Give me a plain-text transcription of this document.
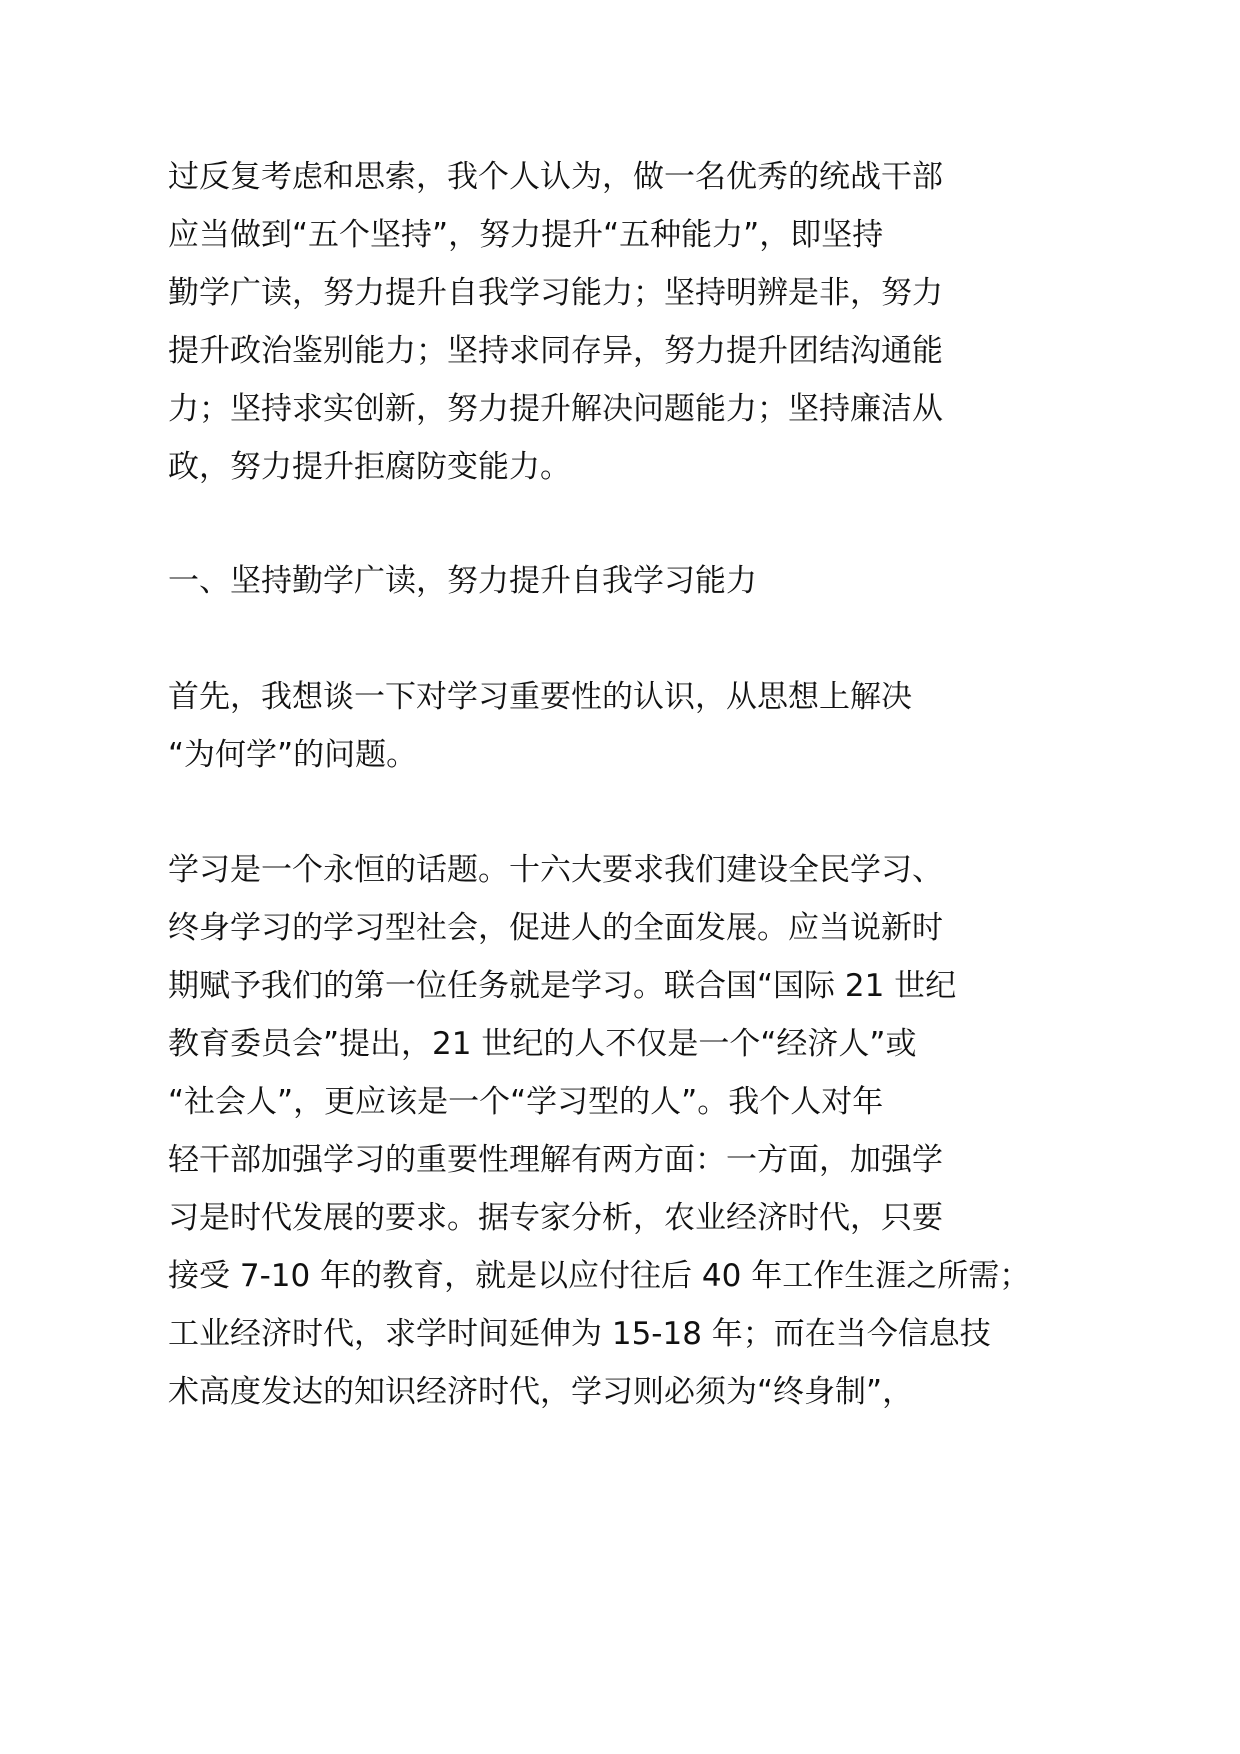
过反复考虑和思索，我个人认为，做一名优秀的统战干部
应当做到“五个坚持”，努力提升“五种能力”，即坚持
勤学广读，努力提升自我学习能力；坚持明辨是非，努力
提升政治鉴别能力；坚持求同存异，努力提升团结沟通能
力；坚持求实创新，努力提升解决问题能力；坚持廉洁从
政，努力提升拒腐防变能力。
一、坚持勤学广读，努力提升自我学习能力
首先，我想谈一下对学习重要性的认识，从思想上解决
“为何学”的问题。
学习是一个永恒的话题。十六大要求我们建设全民学习、
终身学习的学习型社会，促进人的全面发展。应当说新时
期赋予我们的第一位任务就是学习。联合国“国际 21 世纪
教育委员会”提出，21 世纪的人不仅是一个“经济人”或
“社会人”，更应该是一个“学习型的人”。我个人对年
轻干部加强学习的重要性理解有两方面：一方面，加强学
习是时代发展的要求。据专家分析，农业经济时代，只要
接受 7-10 年的教育，就是以应付往后 40 年工作生涯之所需；
工业经济时代，求学时间延伸为 15-18 年；而在当今信息技
术高度发达的知识经济时代，学习则必须为“终身制”，
